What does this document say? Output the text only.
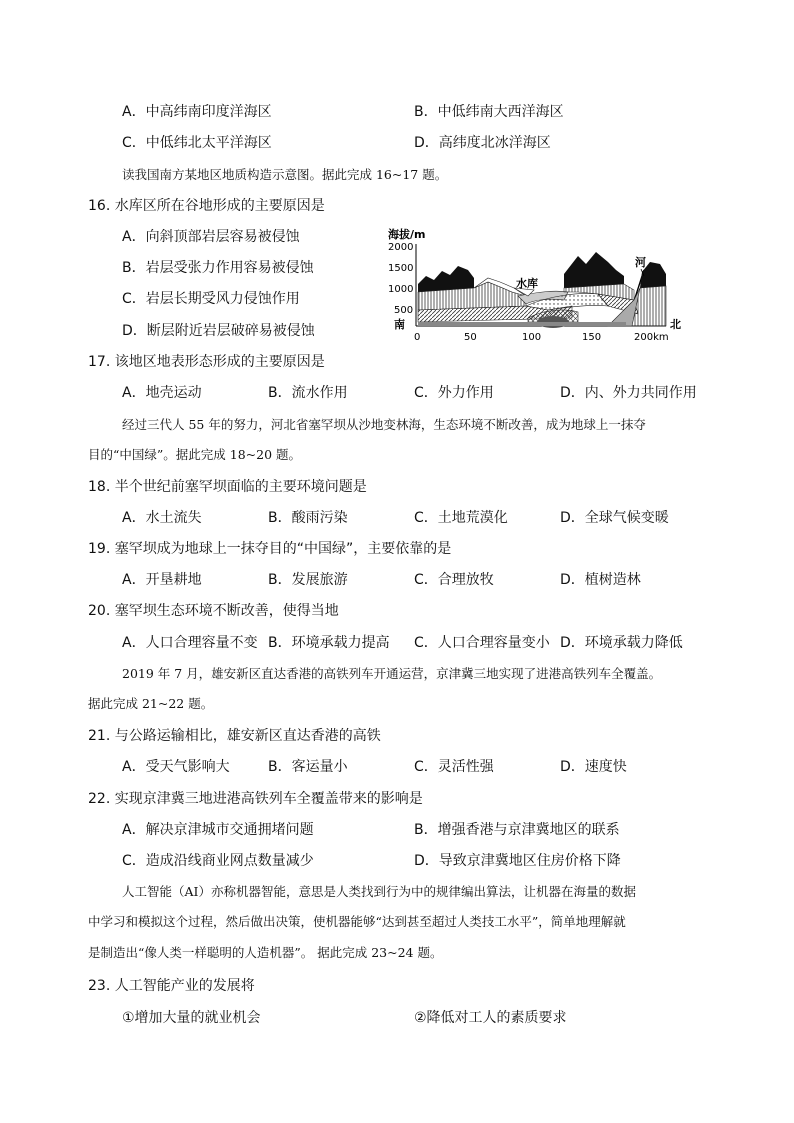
A．中高纬南印度洋海区	B．中低纬南大西洋海区
C．中低纬北太平洋海区	D．高纬度北冰洋海区
读我国南方某地区地质构造示意图。据此完成 16~17 题。
16. 水库区所在谷地形成的主要原因是
A．向斜顶部岩层容易被侵蚀
B．岩层受张力作用容易被侵蚀
C．岩层长期受风力侵蚀作用
D．断层附近岩层破碎易被侵蚀
海拔/m
2000
1500
1000
500
水库
河
南	北
0	50	100	150	200km
17. 该地区地表形态形成的主要原因是
A．地壳运动	B．流水作用	C．外力作用	D．内、外力共同作用
经过三代人 55 年的努力，河北省塞罕坝从沙地变林海，生态环境不断改善，成为地球上一抹夺
目的“中国绿”。据此完成 18~20 题。
18. 半个世纪前塞罕坝面临的主要环境问题是
A．水土流失	B．酸雨污染	C．土地荒漠化	D．全球气候变暖
19. 塞罕坝成为地球上一抹夺目的“中国绿”，主要依靠的是
A．开垦耕地	B．发展旅游	C．合理放牧	D．植树造林
20. 塞罕坝生态环境不断改善，使得当地
A．人口合理容量不变 B．环境承载力提高 C．人口合理容量变小 D．环境承载力降低
2019 年 7 月，雄安新区直达香港的高铁列车开通运营，京津冀三地实现了进港高铁列车全覆盖。
据此完成 21~22 题。
21. 与公路运输相比，雄安新区直达香港的高铁
A．受天气影响大	B．客运量小	C．灵活性强	D．速度快
22. 实现京津冀三地进港高铁列车全覆盖带来的影响是
A．解决京津城市交通拥堵问题	B．增强香港与京津冀地区的联系
C．造成沿线商业网点数量减少	D．导致京津冀地区住房价格下降
人工智能（AI）亦称机器智能，意思是人类找到行为中的规律编出算法，让机器在海量的数据
中学习和模拟这个过程，然后做出决策，使机器能够“达到甚至超过人类技工水平”，简单地理解就
是制造出“像人类一样聪明的人造机器”。 据此完成 23~24 题。
23. 人工智能产业的发展将
①增加大量的就业机会	②降低对工人的素质要求
